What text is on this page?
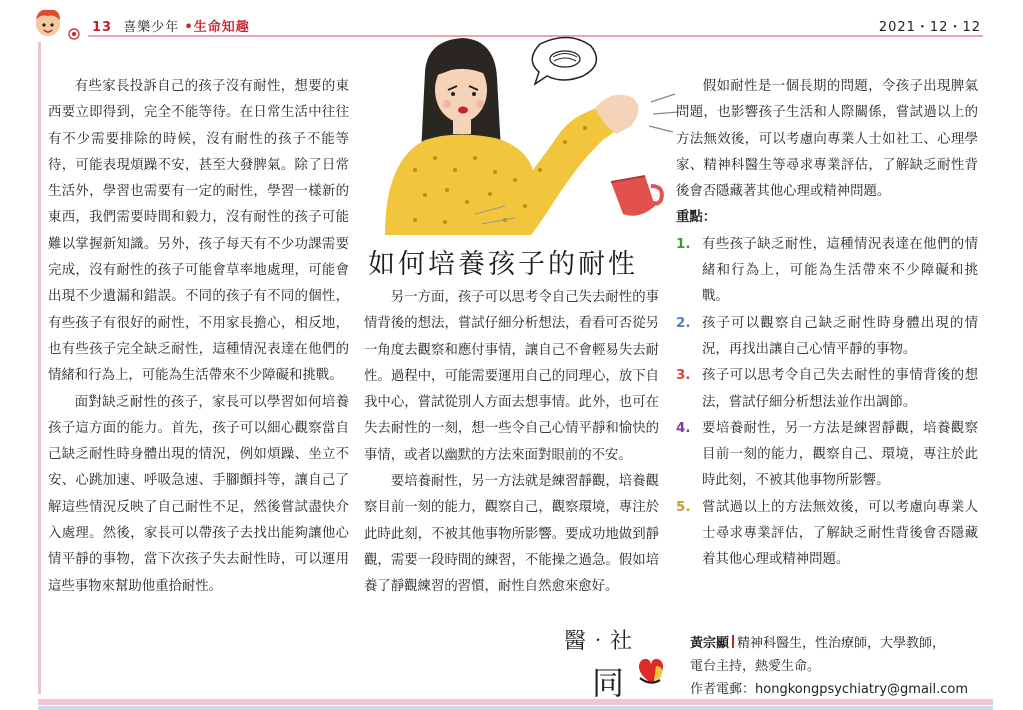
13 喜樂少年 •生命知趣	2021・12・12

有些家長投訴自己的孩子沒有耐性，想要的東西要立即得到，完全不能等待。在日常生活中往往有不少需要排除的時候，沒有耐性的孩子不能等待，可能表現煩躁不安，甚至大發脾氣。除了日常生活外，學習也需要有一定的耐性，學習一樣新的東西，我們需要時間和毅力，沒有耐性的孩子可能難以掌握新知識。另外，孩子每天有不少功課需要完成，沒有耐性的孩子可能會草率地處理，可能會出現不少遺漏和錯誤。不同的孩子有不同的個性，有些孩子有很好的耐性，不用家長擔心，相反地，也有些孩子完全缺乏耐性，這種情況表達在他們的情緒和行為上，可能為生活帶來不少障礙和挑戰。

面對缺乏耐性的孩子，家長可以學習如何培養孩子這方面的能力。首先，孩子可以細心觀察當自己缺乏耐性時身體出現的情況，例如煩躁、坐立不安、心跳加速、呼吸急速、手腳顫抖等，讓自己了解這些情況反映了自己耐性不足，然後嘗試盡快介入處理。然後，家長可以帶孩子去找出能夠讓他心情平靜的事物，當下次孩子失去耐性時，可以運用這些事物來幫助他重拾耐性。

如何培養孩子的耐性

另一方面，孩子可以思考令自己失去耐性的事情背後的想法，嘗試仔細分析想法，看看可否從另一角度去觀察和應付事情，讓自己不會輕易失去耐性。過程中，可能需要運用自己的同理心，放下自我中心，嘗試從別人方面去想事情。此外，也可在失去耐性的一刻，想一些令自己心情平靜和愉快的事情，或者以幽默的方法來面對眼前的不安。

要培養耐性，另一方法就是練習靜觀，培養觀察目前一刻的能力，觀察自己，觀察環境，專注於此時此刻，不被其他事物所影響。要成功地做到靜觀，需要一段時間的練習，不能操之過急。假如培養了靜觀練習的習慣，耐性自然愈來愈好。

假如耐性是一個長期的問題，令孩子出現脾氣問題，也影響孩子生活和人際關係，嘗試過以上的方法無效後，可以考慮向專業人士如社工、心理學家、精神科醫生等尋求專業評估，了解缺乏耐性背後會否隱藏著其他心理或精神問題。

重點：
1. 有些孩子缺乏耐性，這種情況表達在他們的情緒和行為上，可能為生活帶來不少障礙和挑戰。
2. 孩子可以觀察自己缺乏耐性時身體出現的情況，再找出讓自己心情平靜的事物。
3. 孩子可以思考令自己失去耐性的事情背後的想法，嘗試仔細分析想法並作出調節。
4. 要培養耐性，另一方法是練習靜觀，培養觀察目前一刻的能力，觀察自己、環境，專注於此時此刻，不被其他事物所影響。
5. 嘗試過以上的方法無效後，可以考慮向專業人士尋求專業評估，了解缺乏耐性背後會否隱藏着其他心理或精神問題。
醫‧社
同
黃宗顯 精神科醫生，性治療師，大學教師，
電台主持，熱愛生命。
作者電郵：hongkongpsychiatry@gmail.com
